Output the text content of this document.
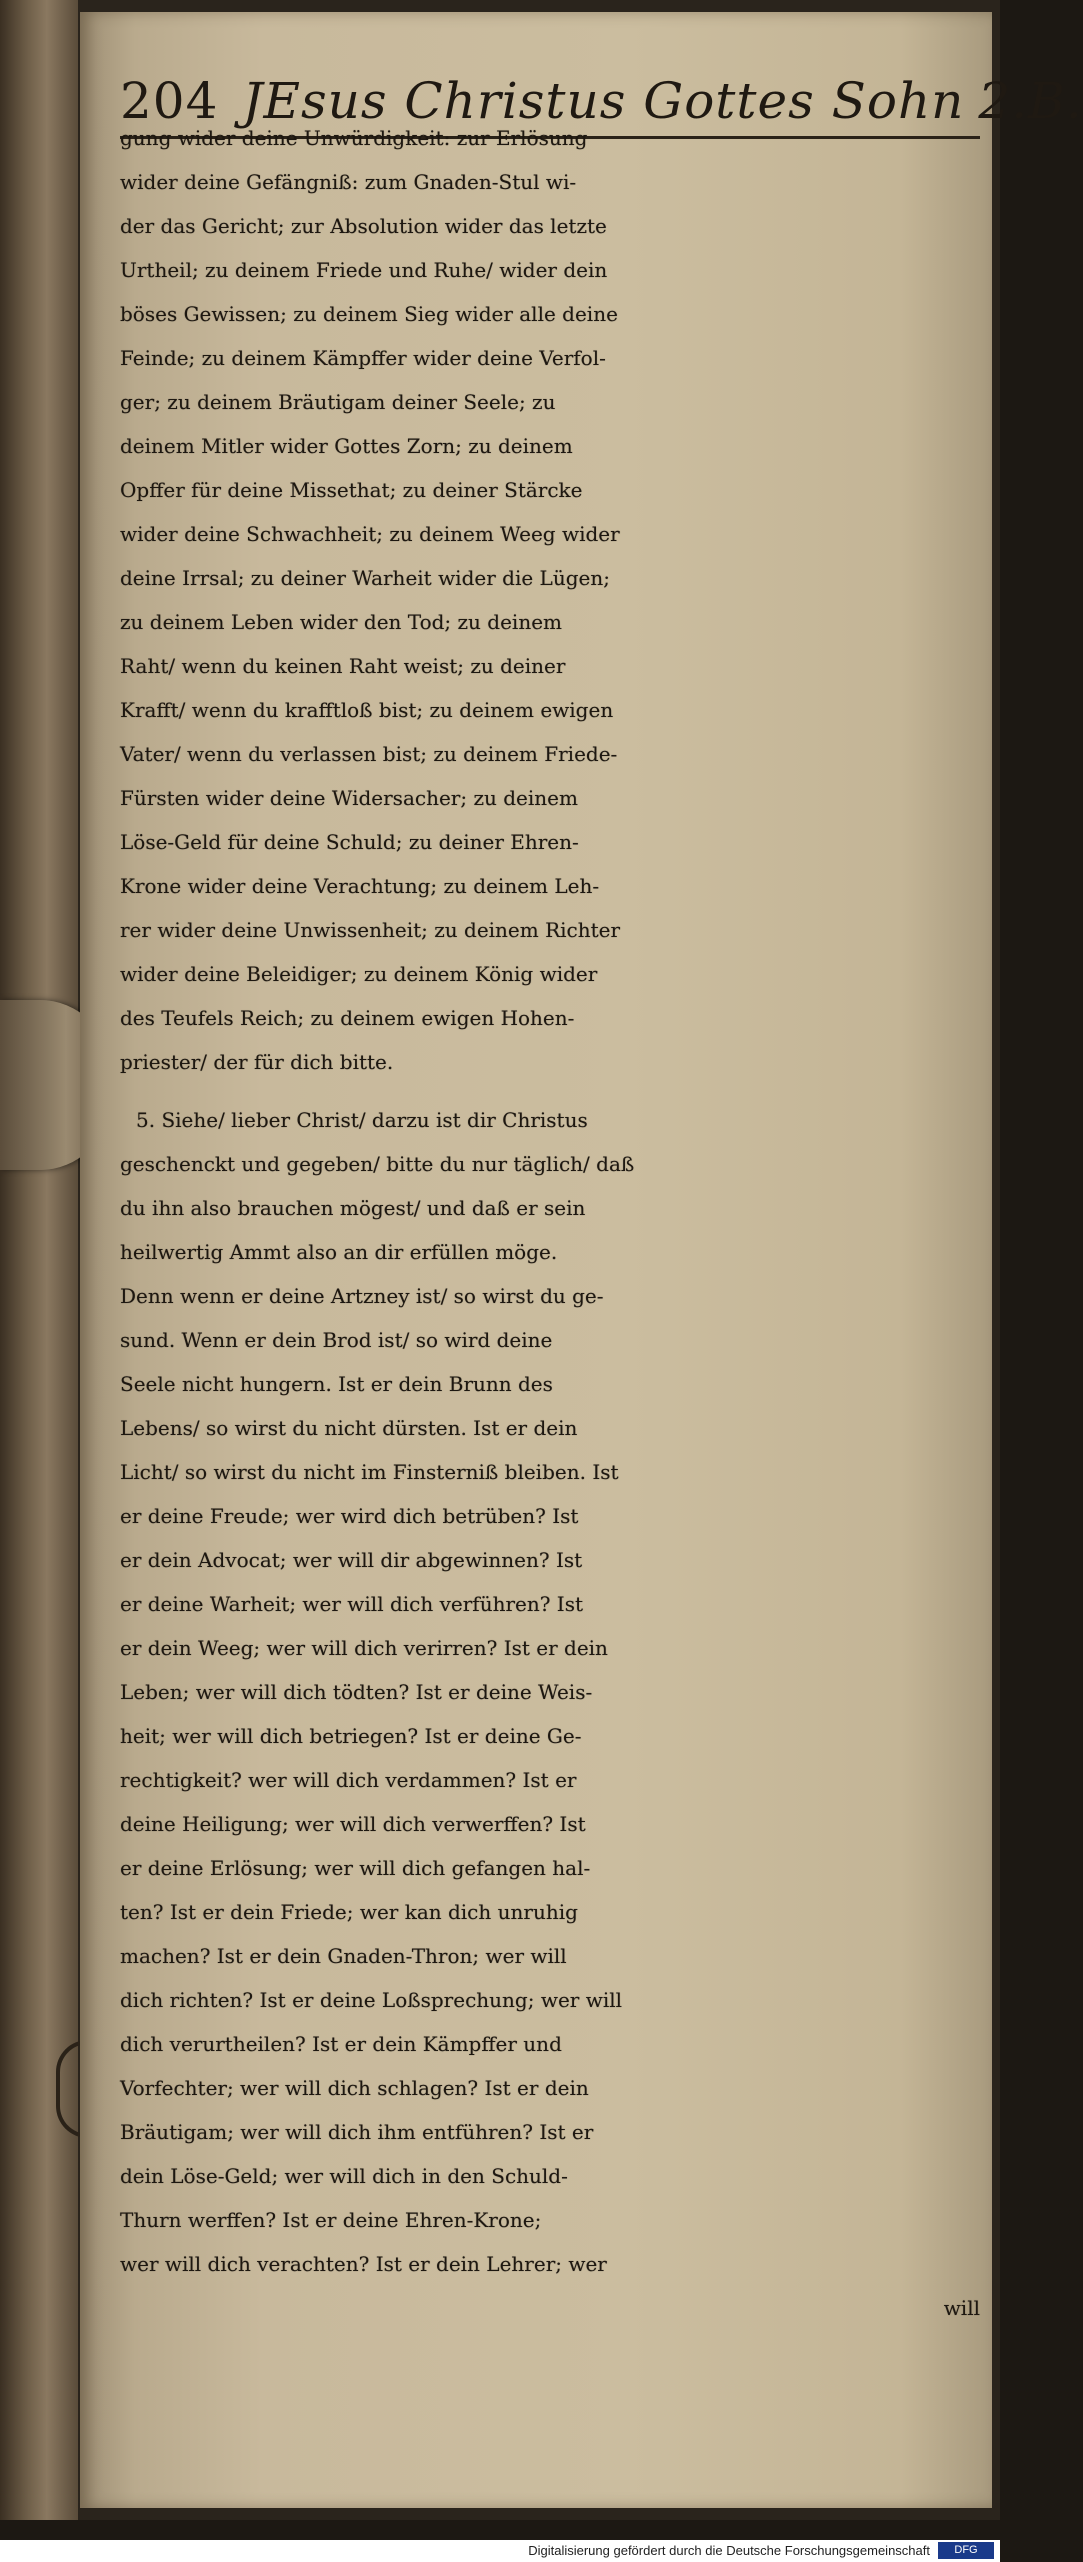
204 JEsus Christus Gottes Sohn 2.B.
gung wider deine Unwürdigkeit: zur Erlösung
wider deine Gefängniß: zum Gnaden-Stul wi-
der das Gericht; zur Absolution wider das letzte
Urtheil; zu deinem Friede und Ruhe/ wider dein
böses Gewissen; zu deinem Sieg wider alle deine
Feinde; zu deinem Kämpffer wider deine Verfol-
ger; zu deinem Bräutigam deiner Seele; zu
deinem Mitler wider Gottes Zorn; zu deinem
Opffer für deine Missethat; zu deiner Stärcke
wider deine Schwachheit; zu deinem Weeg wider
deine Irrsal; zu deiner Warheit wider die Lügen;
zu deinem Leben wider den Tod; zu deinem
Raht/ wenn du keinen Raht weist; zu deiner
Krafft/ wenn du krafftloß bist; zu deinem ewigen
Vater/ wenn du verlassen bist; zu deinem Friede-
Fürsten wider deine Widersacher; zu deinem
Löse-Geld für deine Schuld; zu deiner Ehren-
Krone wider deine Verachtung; zu deinem Leh-
rer wider deine Unwissenheit; zu deinem Richter
wider deine Beleidiger; zu deinem König wider
des Teufels Reich; zu deinem ewigen Hohen-
priester/ der für dich bitte.
5. Siehe/ lieber Christ/ darzu ist dir Christus
geschenckt und gegeben/ bitte du nur täglich/ daß
du ihn also brauchen mögest/ und daß er sein
heilwertig Ammt also an dir erfüllen möge.
Denn wenn er deine Artzney ist/ so wirst du ge-
sund. Wenn er dein Brod ist/ so wird deine
Seele nicht hungern. Ist er dein Brunn des
Lebens/ so wirst du nicht dürsten. Ist er dein
Licht/ so wirst du nicht im Finsterniß bleiben. Ist
er deine Freude; wer wird dich betrüben? Ist
er dein Advocat; wer will dir abgewinnen? Ist
er deine Warheit; wer will dich verführen? Ist
er dein Weeg; wer will dich verirren? Ist er dein
Leben; wer will dich tödten? Ist er deine Weis-
heit; wer will dich betriegen? Ist er deine Ge-
rechtigkeit? wer will dich verdammen? Ist er
deine Heiligung; wer will dich verwerffen? Ist
er deine Erlösung; wer will dich gefangen hal-
ten? Ist er dein Friede; wer kan dich unruhig
machen? Ist er dein Gnaden-Thron; wer will
dich richten? Ist er deine Loßsprechung; wer will
dich verurtheilen? Ist er dein Kämpffer und
Vorfechter; wer will dich schlagen? Ist er dein
Bräutigam; wer will dich ihm entführen? Ist er
dein Löse-Geld; wer will dich in den Schuld-
Thurn werffen? Ist er deine Ehren-Krone;
wer will dich verachten? Ist er dein Lehrer; wer
will
Digitalisierung gefördert durch die Deutsche Forschungsgemeinschaft	DFG
